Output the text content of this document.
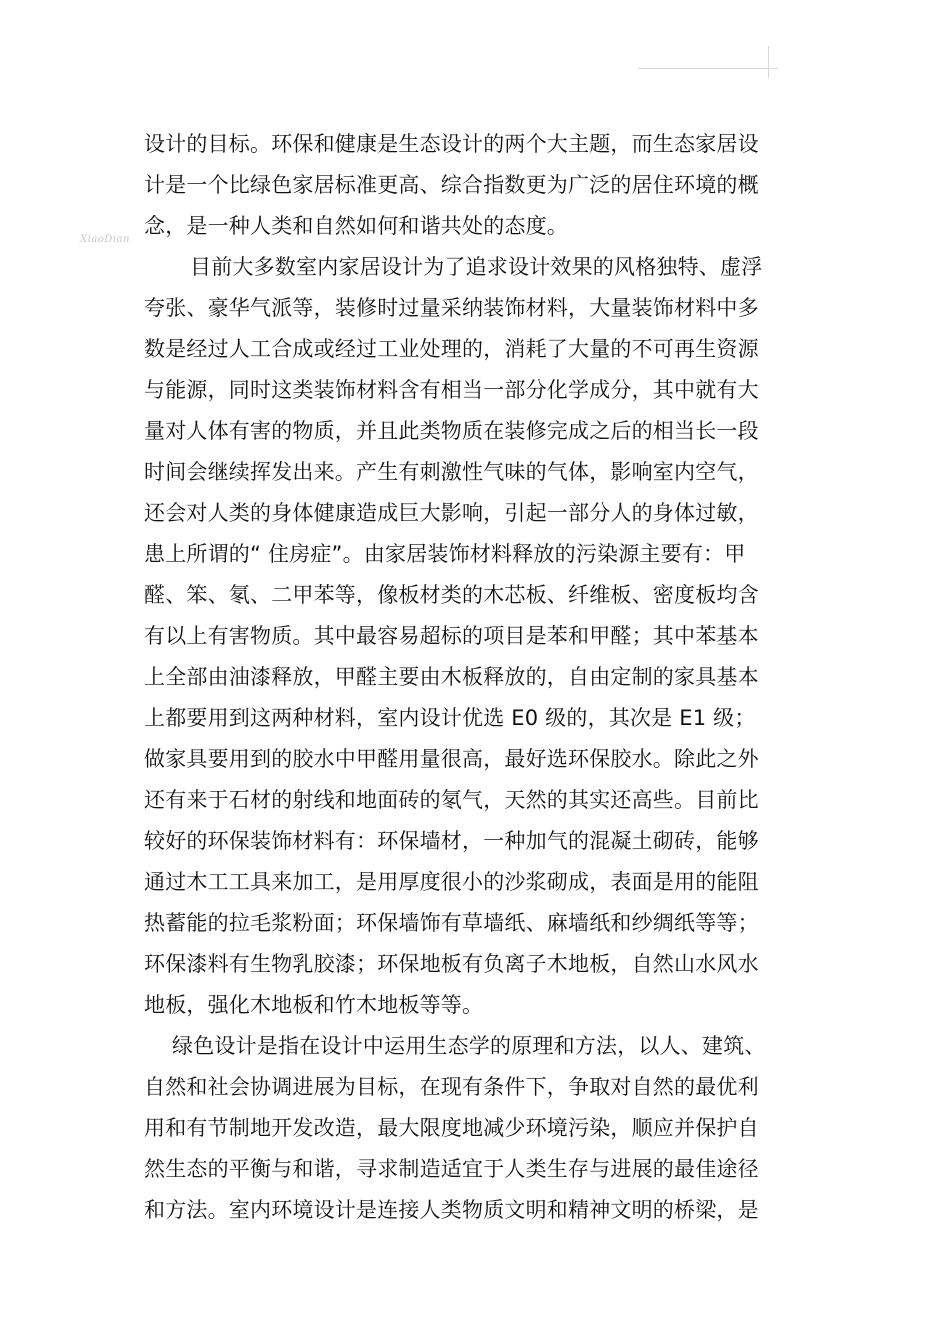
XiaoDian
设计的目标。环保和健康是生态设计的两个大主题，而生态家居设
计是一个比绿色家居标准更高、综合指数更为广泛的居住环境的概
念，是一种人类和自然如何和谐共处的态度。
目前大多数室内家居设计为了追求设计效果的风格独特、虚浮
夸张、豪华气派等，装修时过量采纳装饰材料，大量装饰材料中多
数是经过人工合成或经过工业处理的，消耗了大量的不可再生资源
与能源，同时这类装饰材料含有相当一部分化学成分，其中就有大
量对人体有害的物质，并且此类物质在装修完成之后的相当长一段
时间会继续挥发出来。产生有刺激性气味的气体，影响室内空气，
还会对人类的身体健康造成巨大影响，引起一部分人的身体过敏，
患上所谓的“ 住房症”。由家居装饰材料释放的污染源主要有：甲
醛、笨、氡、二甲苯等，像板材类的木芯板、纤维板、密度板均含
有以上有害物质。其中最容易超标的项目是苯和甲醛；其中苯基本
上全部由油漆释放，甲醛主要由木板释放的，自由定制的家具基本
上都要用到这两种材料，室内设计优选 E0 级的，其次是 E1 级；
做家具要用到的胶水中甲醛用量很高，最好选环保胶水。除此之外
还有来于石材的射线和地面砖的氡气，天然的其实还高些。目前比
较好的环保装饰材料有：环保墙材，一种加气的混凝土砌砖，能够
通过木工工具来加工，是用厚度很小的沙浆砌成，表面是用的能阻
热蓄能的拉毛浆粉面；环保墙饰有草墙纸、麻墙纸和纱绸纸等等；
环保漆料有生物乳胶漆；环保地板有负离子木地板，自然山水风水
地板，强化木地板和竹木地板等等。
绿色设计是指在设计中运用生态学的原理和方法，以人、建筑、
自然和社会协调进展为目标，在现有条件下，争取对自然的最优利
用和有节制地开发改造，最大限度地减少环境污染，顺应并保护自
然生态的平衡与和谐，寻求制造适宜于人类生存与进展的最佳途径
和方法。室内环境设计是连接人类物质文明和精神文明的桥梁，是
